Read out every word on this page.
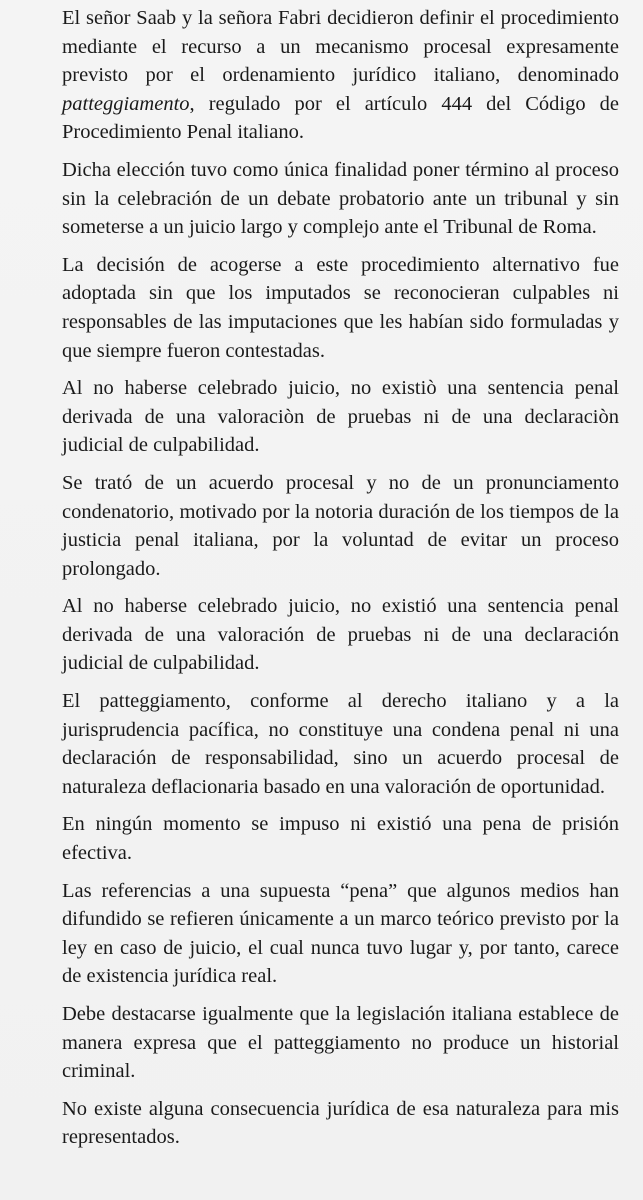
El señor Saab y la señora Fabri decidieron definir el procedimiento mediante el recurso a un mecanismo procesal expresamente previsto por el ordenamiento jurídico italiano, denominado patteggiamento, regulado por el artículo 444 del Código de Procedimiento Penal italiano.

Dicha elección tuvo como única finalidad poner término al proceso sin la celebración de un debate probatorio ante un tribunal y sin someterse a un juicio largo y complejo ante el Tribunal de Roma.

La decisión de acogerse a este procedimiento alternativo fue adoptada sin que los imputados se reconocieran culpables ni responsables de las imputaciones que les habían sido formuladas y que siempre fueron contestadas.

Al no haberse celebrado juicio, no existiò una sentencia penal derivada de una valoraciòn de pruebas ni de una declaraciòn judicial de culpabilidad.

Se trató de un acuerdo procesal y no de un pronunciamento condenatorio, motivado por la notoria duración de los tiempos de la justicia penal italiana, por la voluntad de evitar un proceso prolongado.

Al no haberse celebrado juicio, no existió una sentencia penal derivada de una valoración de pruebas ni de una declaración judicial de culpabilidad.

El patteggiamento, conforme al derecho italiano y a la jurisprudencia pacífica, no constituye una condena penal ni una declaración de responsabilidad, sino un acuerdo procesal de naturaleza deflacionaria basado en una valoración de oportunidad.

En ningún momento se impuso ni existió una pena de prisión efectiva.

Las referencias a una supuesta “pena” que algunos medios han difundido se refieren únicamente a un marco teórico previsto por la ley en caso de juicio, el cual nunca tuvo lugar y, por tanto, carece de existencia jurídica real.

Debe destacarse igualmente que la legislación italiana establece de manera expresa que el patteggiamento no produce un historial criminal.

No existe alguna consecuencia jurídica de esa naturaleza para mis representados.
